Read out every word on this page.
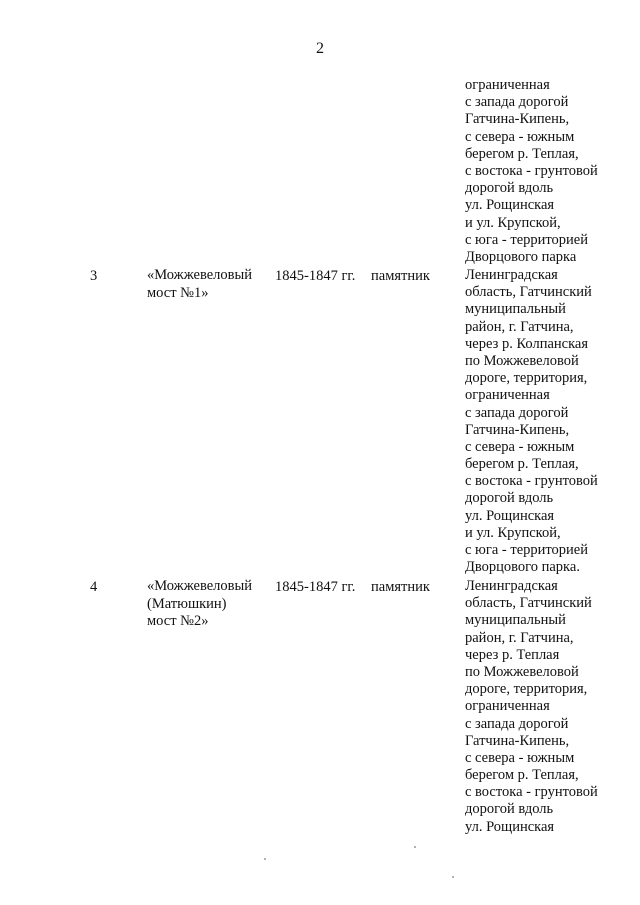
2
ограниченная
с запада дорогой
Гатчина-Кипень,
с севера - южным
берегом р. Теплая,
с востока - грунтовой
дорогой вдоль
ул. Рощинская
и ул. Крупской,
с юга - территорией
Дворцового парка
3	«Можжевеловый
мост №1»
1845-1847 гг. памятник Ленинградская
область, Гатчинский
муниципальный
район, г. Гатчина,
через р. Колпанская
по Можжевеловой
дороге, территория,
ограниченная
с запада дорогой
Гатчина-Кипень,
с севера - южным
берегом р. Теплая,
с востока - грунтовой
дорогой вдоль
ул. Рощинская
и ул. Крупской,
с юга - территорией
Дворцового парка.
4	«Можжевеловый
(Матюшкин)
мост №2»
1845-1847 гг. памятник Ленинградская
область, Гатчинский
муниципальный
район, г. Гатчина,
через р. Теплая
по Можжевеловой
дороге, территория,
ограниченная
с запада дорогой
Гатчина-Кипень,
с севера - южным
берегом р. Теплая,
с востока - грунтовой
дорогой вдоль
ул. Рощинская
